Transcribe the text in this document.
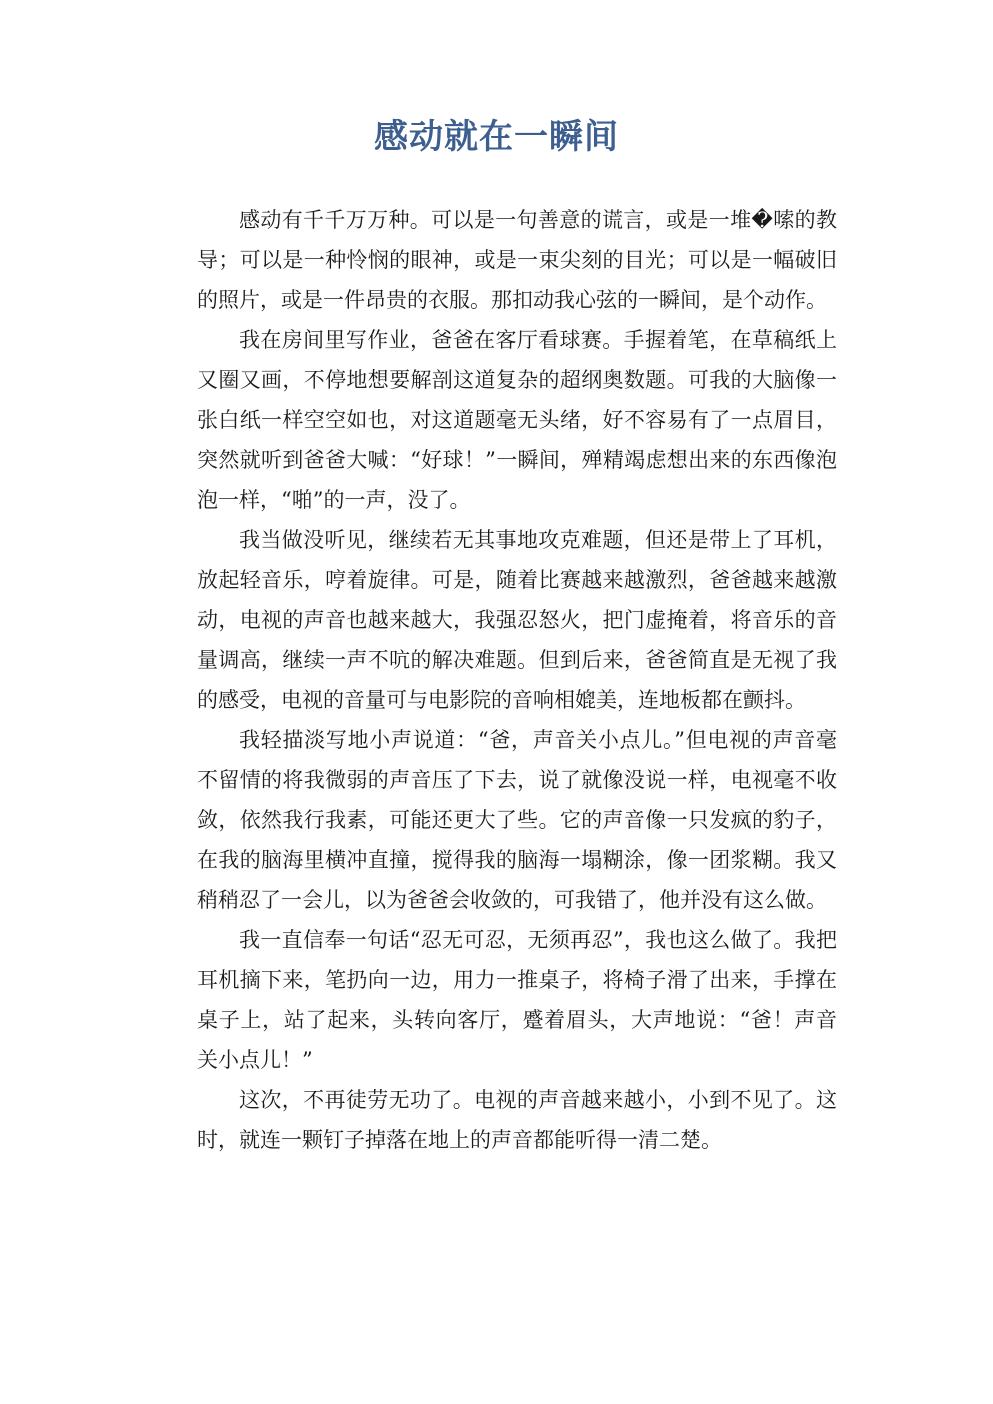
感动就在一瞬间

感动有千千万万种。可以是一句善意的谎言，或是一堆�嗦的教导；可以是一种怜悯的眼神，或是一束尖刻的目光；可以是一幅破旧的照片，或是一件昂贵的衣服。那扣动我心弦的一瞬间，是个动作。

我在房间里写作业，爸爸在客厅看球赛。手握着笔，在草稿纸上又圈又画，不停地想要解剖这道复杂的超纲奥数题。可我的大脑像一张白纸一样空空如也，对这道题毫无头绪，好不容易有了一点眉目，突然就听到爸爸大喊：“好球！”一瞬间，殚精竭虑想出来的东西像泡泡一样，“啪”的一声，没了。

我当做没听见，继续若无其事地攻克难题，但还是带上了耳机，放起轻音乐，哼着旋律。可是，随着比赛越来越激烈，爸爸越来越激动，电视的声音也越来越大，我强忍怒火，把门虚掩着，将音乐的音量调高，继续一声不吭的解决难题。但到后来，爸爸简直是无视了我的感受，电视的音量可与电影院的音响相媲美，连地板都在颤抖。

我轻描淡写地小声说道：“爸，声音关小点儿。”但电视的声音毫不留情的将我微弱的声音压了下去，说了就像没说一样，电视毫不收敛，依然我行我素，可能还更大了些。它的声音像一只发疯的豹子，在我的脑海里横冲直撞，搅得我的脑海一塌糊涂，像一团浆糊。我又稍稍忍了一会儿，以为爸爸会收敛的，可我错了，他并没有这么做。

我一直信奉一句话“忍无可忍，无须再忍”，我也这么做了。我把耳机摘下来，笔扔向一边，用力一推桌子，将椅子滑了出来，手撑在桌子上，站了起来，头转向客厅，蹙着眉头，大声地说：“爸！声音关小点儿！”

这次，不再徒劳无功了。电视的声音越来越小，小到不见了。这时，就连一颗钉子掉落在地上的声音都能听得一清二楚。
